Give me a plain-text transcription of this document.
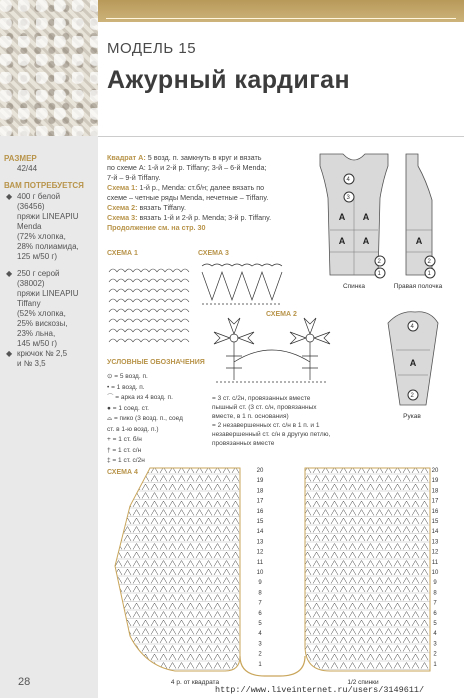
МОДЕЛЬ 15
Ажурный кардиган
РАЗМЕР
42/44
ВАМ ПОТРЕБУЕТСЯ
◆ 400 г белой
(36456)
пряжи LINEAPIU
Menda
(72% хлопка,
28% полиамида,
125 м/50 г)
◆ 250 г серой
(38002)
пряжи LINEAPIU
Tiffany
(52% хлопка,
25% вискозы,
23% льна,
145 м/50 г)
◆ крючок № 2,5
и № 3,5
28
Квадрат А: 5 возд. п. замкнуть в круг и вязать
по схеме А: 1-й и 2-й р. Tiffany; 3-й – 6-й Menda;
7-й – 9-й Tiffany.
Схема 1: 1-й р., Menda: ст.б/н; далее вязать по
схеме – четные ряды Menda, нечетные – Tiffany.
Схема 2: вязать Tiffany.
Схема 3: вязать 1-й и 2-й р. Menda; 3-й р. Tiffany.
Продолжение см. на стр. 30
A A
A A	A
A
4
3
2
1
2
1
4
2
Спинка	Правая полочка
Рукав
СХЕМА 1	СХЕМА 3
СХЕМА 2
СХЕМА 4
УСЛОВНЫЕ ОБОЗНАЧЕНИЯ
⊙ = 5 возд. п.
• = 1 возд. п.
⌒ = арка из 4 возд. п.
● = 1 соед. ст.
⌓ = пико (3 возд. п., соед
ст. в 1-ю возд. п.)
+ = 1 ст. б/н
† = 1 ст. с/н
‡ = 1 ст. с/2н
= 3 ст. с/2н, провязанных вместе
пышный ст. (3 ст. с/н, провязанных
вместе, в 1 п. основания)
= 2 незавершенных ст. с/н в 1 п. и 1
незавершенный ст. с/н в другую петлю,
провязанных вместе
20	20
19	19
18	18
17	17
16	16
15	15
14	14
13	13
12	12
11	11
10	10
9	9
8	8
7	7
6	6
5	5
4	4
3	3
2	2
1	1
4 р. от квадрата	1/2 спинки
http://www.liveinternet.ru/users/3149611/
